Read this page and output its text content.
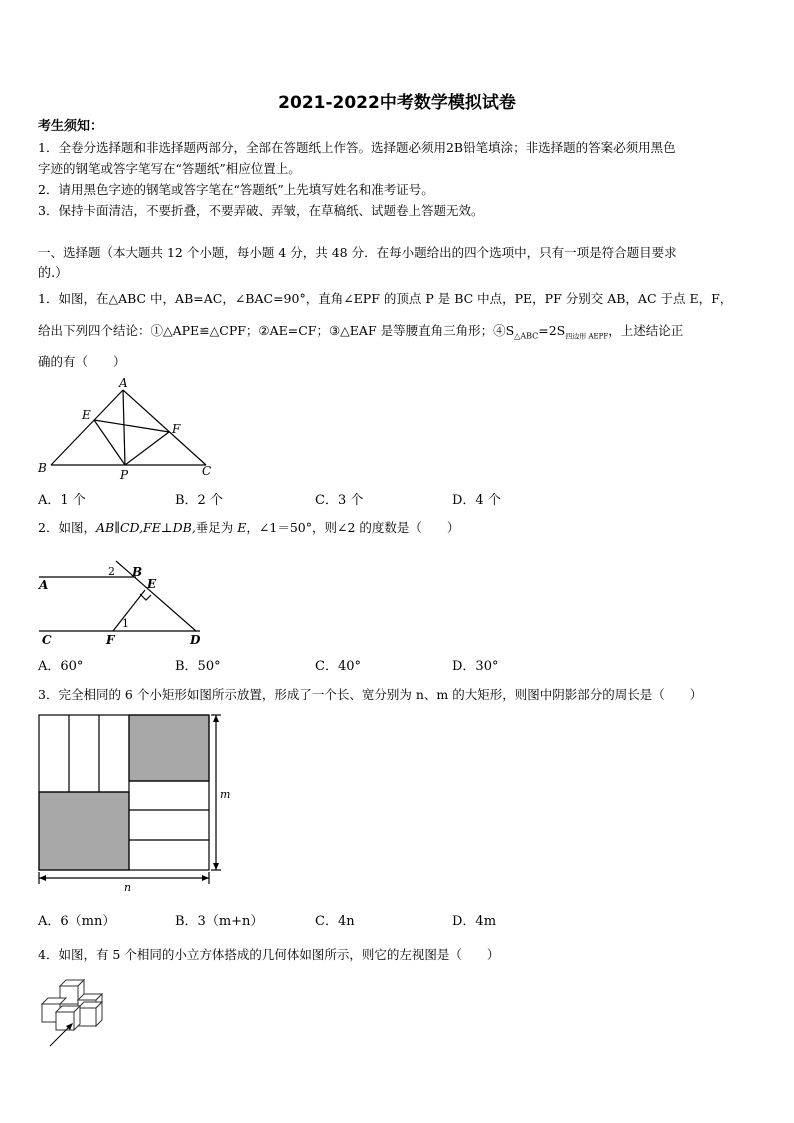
2021-2022中考数学模拟试卷
考生须知：
1．全卷分选择题和非选择题两部分，全部在答题纸上作答。选择题必须用2B铅笔填涂；非选择题的答案必须用黑色
字迹的钢笔或答字笔写在“答题纸”相应位置上。
2．请用黑色字迹的钢笔或答字笔在“答题纸”上先填写姓名和准考证号。
3．保持卡面清洁，不要折叠，不要弄破、弄皱，在草稿纸、试题卷上答题无效。
一、选择题（本大题共 12 个小题，每小题 4 分，共 48 分．在每小题给出的四个选项中，只有一项是符合题目要求
的.）
1．如图，在△ABC 中，AB=AC，∠BAC=90°，直角∠EPF 的顶点 P 是 BC 中点，PE，PF 分别交 AB，AC 于点 E，F，
给出下列四个结论：①△APE≌△CPF；②AE=CF；③△EAF 是等腰直角三角形；$④S_{\triangle ABC}=2S_{四边形 AEPF}$，上述结论正
确的有（　　）
A
B	C
E
F
P
A．1 个	B．2 个	C．3 个	D．4 个
2．如图，AB∥CD,FE⊥DB,垂足为 E，∠1＝50°，则∠2 的度数是（　　）
A
B
E
C	F	D
1
2
A．60°	B．50°	C．40°	D．30°
3．完全相同的 6 个小矩形如图所示放置，形成了一个长、宽分别为 n、m 的大矩形，则图中阴影部分的周长是（　　）
m
n
A．6（mn）	B．3（m+n）	C．4n	D．4m
4．如图，有 5 个相同的小立方体搭成的几何体如图所示，则它的左视图是（　　）
